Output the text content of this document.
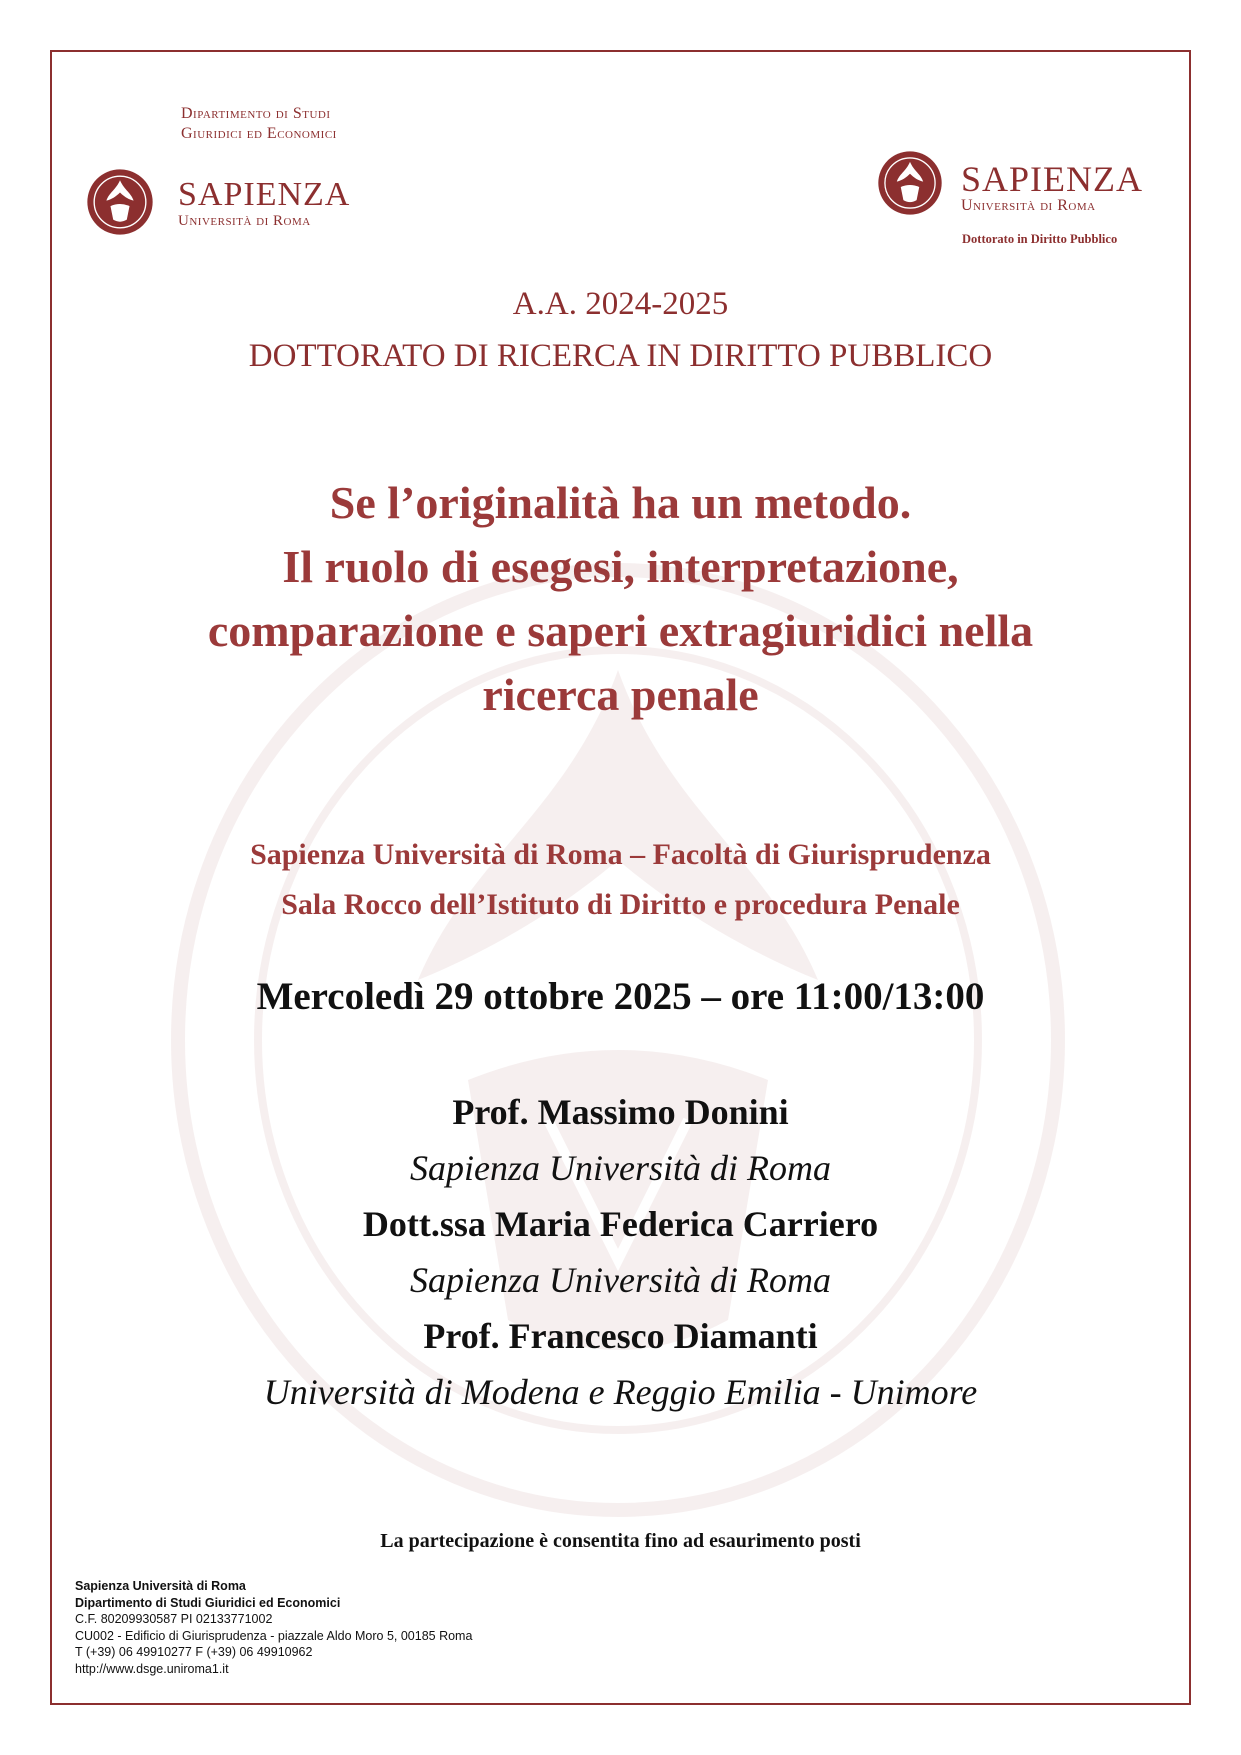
Dipartimento di Studi
Giuridici ed Economici
SAPIENZA
Università di Roma
SAPIENZA
Università di Roma
Dottorato in Diritto Pubblico
A.A. 2024-2025
DOTTORATO DI RICERCA IN DIRITTO PUBBLICO
Se l’originalità ha un metodo.
Il ruolo di esegesi, interpretazione,
comparazione e saperi extragiuridici nella
ricerca penale
Sapienza Università di Roma – Facoltà di Giurisprudenza
Sala Rocco dell’Istituto di Diritto e procedura Penale
Mercoledì 29 ottobre 2025 – ore 11:00/13:00
Prof. Massimo Donini
Sapienza Università di Roma
Dott.ssa Maria Federica Carriero
Sapienza Università di Roma
Prof. Francesco Diamanti
Università di Modena e Reggio Emilia - Unimore
La partecipazione è consentita fino ad esaurimento posti
Sapienza Università di Roma
Dipartimento di Studi Giuridici ed Economici
C.F. 80209930587 PI 02133771002
CU002 - Edificio di Giurisprudenza - piazzale Aldo Moro 5, 00185 Roma
T (+39) 06 49910277 F (+39) 06 49910962
http://www.dsge.uniroma1.it
